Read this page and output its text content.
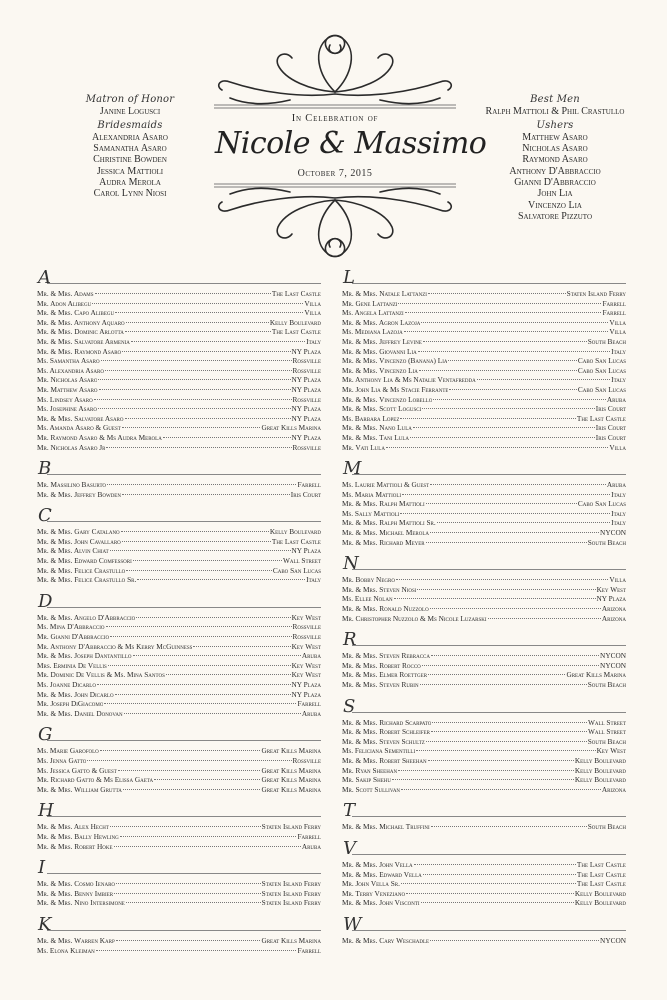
Matron of Honor
Janine Logusci
Bridesmaids
Alexandria Asaro
Samanatha Asaro
Christine Bowden
Jessica Mattioli
Audra Merola
Carol Lynn Niosi
Best Men
Ralph Mattioli & Phil Crastullo
Ushers
Matthew Asaro
Nicholas Asaro
Raymond Asaro
Anthony D'Abbraccio
Gianni D'Abbraccio
John Lia
Vincenzo Lia
Salvatore Pizzuto
In Celebration of
Nicole & Massimo
October 7, 2015
A
Mr. & Mrs. Adams	The Last Castle
Mr. Adon Alibegu	Villa
Mr. & Mrs. Capo Alibegu	Villa
Mr. & Mrs. Anthony Aquaro	Kelly Boulevard
Mr. & Mrs. Dominic Arlotta	The Last Castle
Mr. & Mrs. Salvatore Armenia	Italy
Mr. & Mrs. Raymond Asaro	NY Plaza
Ms. Samantha Asaro	Rossville
Ms. Alexandria Asaro	Rossville
Mr. Nicholas Asaro	NY Plaza
Mr. Matthew Asaro	NY Plaza
Ms. Lindsey Asaro	Rossville
Ms. Josephine Asaro	NY Plaza
Mr. & Mrs. Salvatore Asaro	NY Plaza
Ms. Amanda Asaro & Guest	Great Kills Marina
Mr. Raymond Asaro & Ms Audra Merola	NY Plaza
Mr. Nicholas Asaro Jr	Rossville
B
Mr. Massilino Basurto	Farrell
Mr. & Mrs. Jeffrey Bowden	Iris Court
C
Mr. & Mrs. Gary Catalano	Kelly Boulevard
Mr. & Mrs. John Cavallaro	The Last Castle
Mr. & Mrs. Alvin Chiat	NY Plaza
Mr. & Mrs. Edward Comfessori	Wall Street
Mr. & Mrs. Felice Crastullo	Cabo San Lucas
Mr. & Mrs. Felice Crastullo Sr.	Italy
D
Mr. & Mrs. Angelo D'Abbraccio	Key West
Ms. Mina D'Abbraccio	Rossville
Mr. Gianni D'Abbraccio	Rossville
Mr. Anthony D'Abbraccio & Ms Kerry McGuinness	Key West
Mr. & Mrs. Joseph Dantantillo	Aruba
Mrs. Erminia De Vellis	Key West
Mr. Dominic De Vellis & Ms. Mina Santos	Key West
Ms. Joanne Dicarlo	NY Plaza
Mr. & Mrs. John Dicarlo	NY Plaza
Mr. Joseph DiGiacomo	Farrell
Mr. & Mrs. Daniel Donovan	Aruba
G
Ms. Marie Garofolo	Great Kills Marina
Ms. Jenna Gatto	Rossville
Ms. Jessica Gatto & Guest	Great Kills Marina
Mr. Richard Gatto & Ms Elissa Gaeta	Great Kills Marina
Mr. & Mrs. William Grutta	Great Kills Marina
H
Mr. & Mrs. Alex Hecht	Staten Island Ferry
Mr. & Mrs. Bally Hewling	Farrell
Mr. & Mrs. Robert Hoke	Aruba
I
Mr. & Mrs. Cosmo Ienaro	Staten Island Ferry
Mr. & Mrs. Benny Imbier	Staten Island Ferry
Mr. & Mrs. Nino Intersimone	Staten Island Ferry
K
Mr. & Mrs. Warren Karp	Great Kills Marina
Ms. Elona Kleiman	Farrell
L
Mr. & Mrs. Natale Lattanzi	Staten Island Ferry
Mr. Gene Lattanzi	Farrell
Ms. Angela Lattanzi	Farrell
Mr. & Mrs. Agron Lazoja	Villa
Ms. Mediana Lazoja	Villa
Mr. & Mrs. Jeffrey Levine	South Beach
Mr. & Mrs. Giovanni Lia	Italy
Mr. & Mrs. Vincenzo (Banana) Lia	Cabo San Lucas
Mr. & Mrs. Vincenzo Lia	Cabo San Lucas
Mr. Anthony Lia & Ms Natalie Ventafredda	Italy
Mr. John Lia & Ms Stacie Ferrante	Cabo San Lucas
Mr. & Mrs. Vincenzo Lobello	Aruba
Mr. & Mrs. Scott Logusci	Iris Court
Ms. Barbara Lopez	The Last Castle
Mr. & Mrs. Nano Lula	Iris Court
Mr. & Mrs. Tani Lula	Iris Court
Mr. Vati Lula	Villa
M
Ms. Laurie Mattioli & Guest	Aruba
Ms. Maria Mattioli	Italy
Mr. & Mrs. Ralph Mattioli	Cabo San Lucas
Ms. Sally Mattioli	Italy
Mr. & Mrs. Ralph Mattioli Sr.	Italy
Mr. & Mrs. Michael Merola	NYCON
Mr. & Mrs. Richard Meyer	South Beach
N
Mr. Bobby Negro	Villa
Mr. & Mrs. Steven Niosi	Key West
Ms. Ellee Nolan	NY Plaza
Mr. & Mrs. Ronald Nuzzolo	Arizona
Mr. Christopher Nuzzolo & Ms Nicole Luzarski	Arizona
R
Mr. & Mrs. Steven Rebracca	NYCON
Mr. & Mrs. Robert Rocco	NYCON
Mr. & Mrs. Elmer Roettger	Great Kills Marina
Mr. & Mrs. Steven Rubin	South Beach
S
Mr. & Mrs. Richard Scarpato	Wall Street
Mr. & Mrs. Robert Schleifer	Wall Street
Mr. & Mrs. Steven Schultz	South Beach
Ms. Feliciana Sementilli	Key West
Mr. & Mrs. Robert Sheehan	Kelly Boulevard
Mr. Ryan Sheehan	Kelly Boulevard
Mr. Sakip Shehu	Kelly Boulevard
Mr. Scott Sullivan	Arizona
T
Mr. & Mrs. Michael Truffini	South Beach
V
Mr. & Mrs. John Vella	The Last Castle
Mr. & Mrs. Edward Vella	The Last Castle
Mr. John Vella Sr.	The Last Castle
Mr. Terry Veneziano	Kelly Boulevard
Mr. & Mrs. John Visconti	Kelly Boulevard
W
Mr. & Mrs. Cary Weschadle	NYCON
